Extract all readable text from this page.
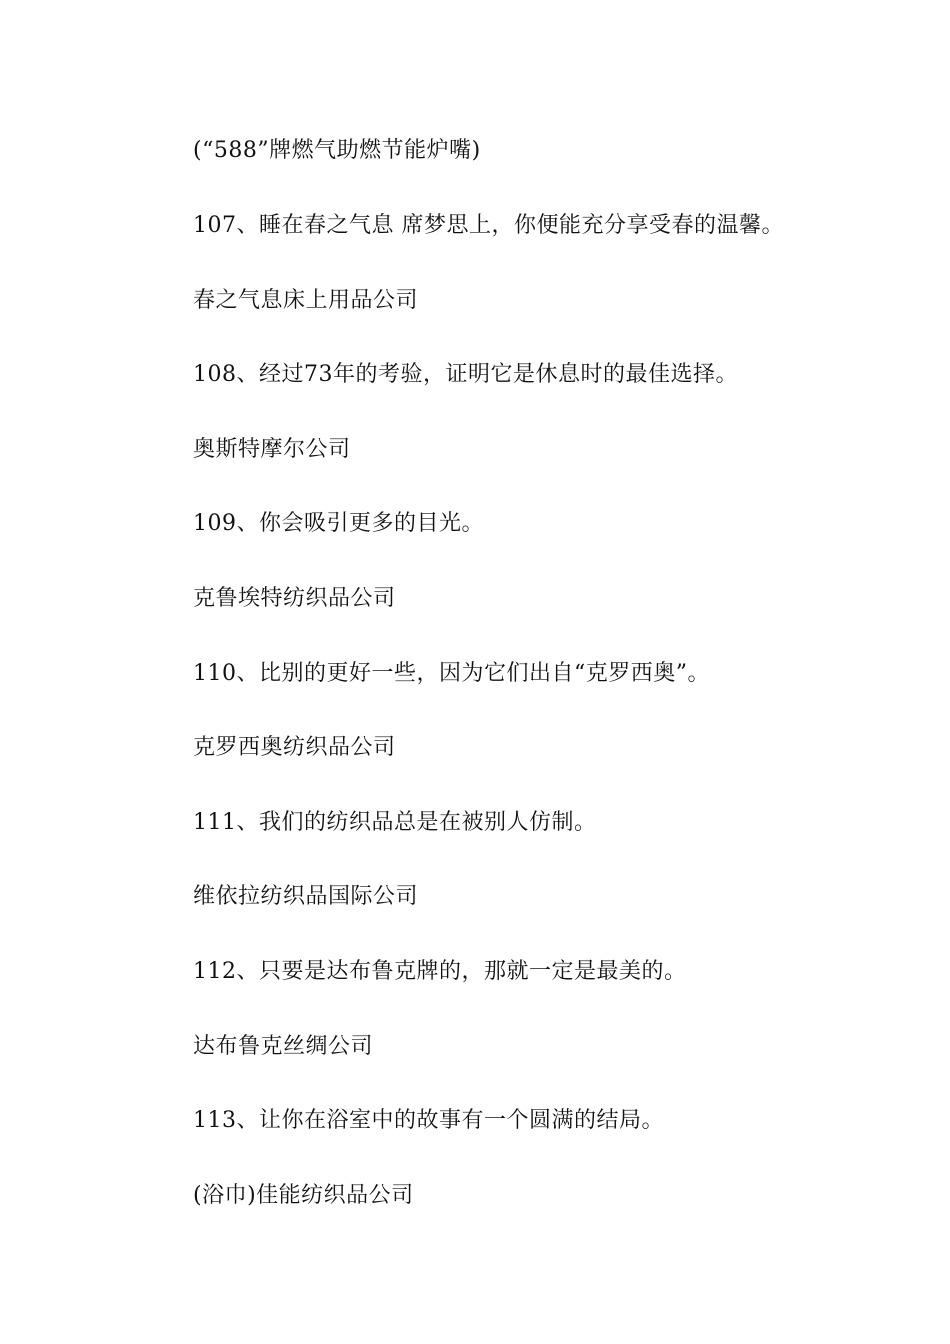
(“588”牌燃气助燃节能炉嘴)
107、睡在春之气息 席梦思上，你便能充分享受春的温馨。
春之气息床上用品公司
108、经过73年的考验，证明它是休息时的最佳选择。
奥斯特摩尔公司
109、你会吸引更多的目光。
克鲁埃特纺织品公司
110、比别的更好一些，因为它们出自“克罗西奥”。
克罗西奥纺织品公司
111、我们的纺织品总是在被别人仿制。
维依拉纺织品国际公司
112、只要是达布鲁克牌的，那就一定是最美的。
达布鲁克丝绸公司
113、让你在浴室中的故事有一个圆满的结局。
(浴巾)佳能纺织品公司
